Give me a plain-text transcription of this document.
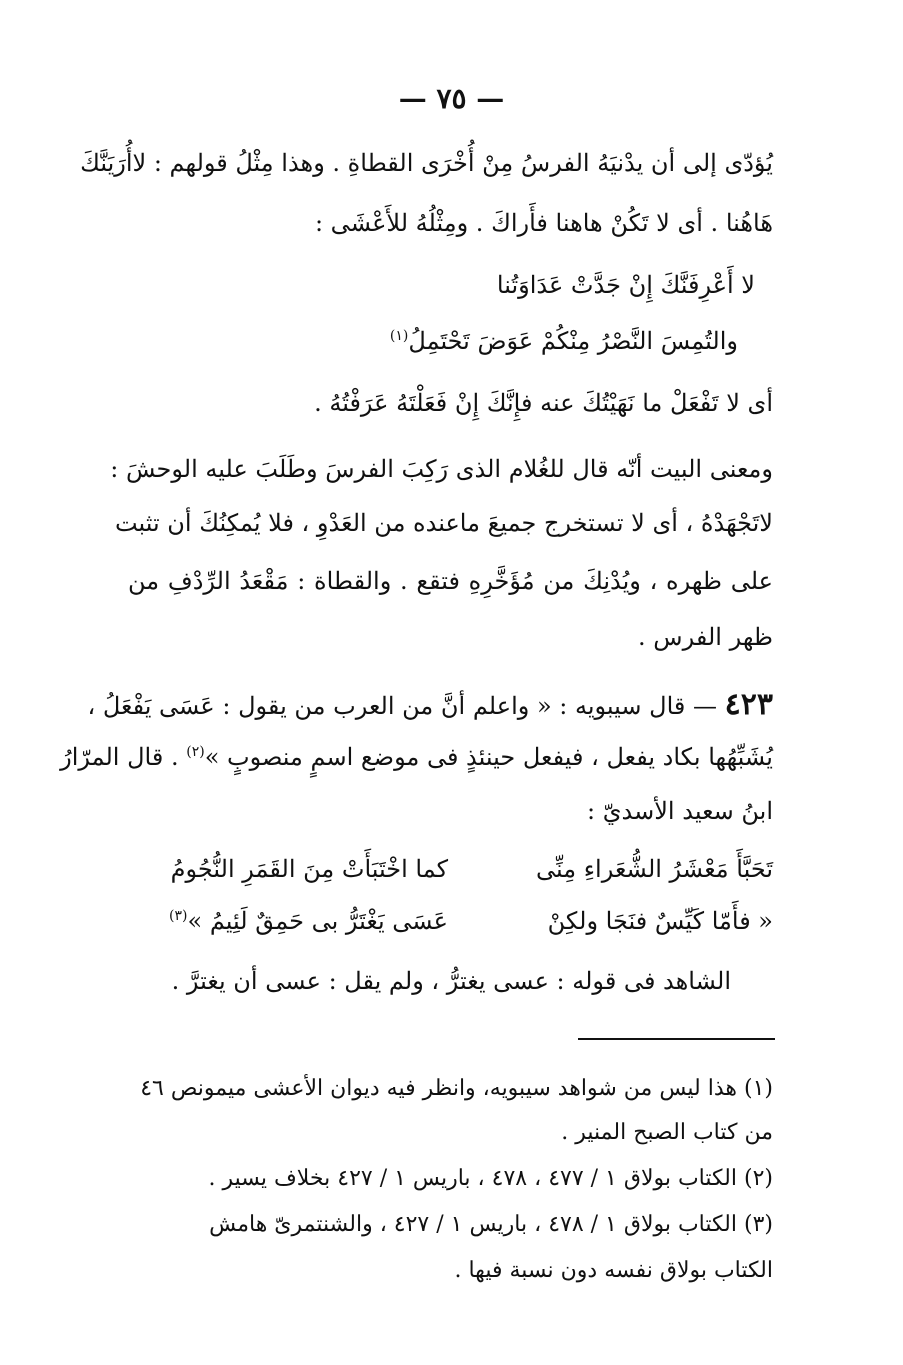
— ٧٥ —
يُؤدّى إلى أن يدْنيَهُ الفرسُ مِنْ أُخْرَى القطاةِ . وهذا مِثْلُ قولهم : لاأُرَيَنَّكَ
هَاهُنا . أى لا تَكُنْ هاهنا فأَراكَ . ومِثْلُهُ للأَعْشَى :
لا أَعْرِفَنَّكَ إِنْ جَدَّتْ عَدَاوَتُنا
والتُمِسَ النَّصْرُ مِنْكُمْ عَوَضَ تَحْتَمِلُ$^{(١)}$
أى لا تَفْعَلْ ما نَهَيْتُكَ عنه فإِنَّكَ إِنْ فَعَلْتَهُ عَرَفْتُهُ .
ومعنى البيت أنّه قال للغُلام الذى رَكِبَ الفرسَ وطَلَبَ عليه الوحشَ :
لاتَجْهَدْهُ ، أى لا تستخرج جميعَ ماعنده من العَدْوِ ، فلا يُمكِنُكَ أن تثبت
على ظهره ، ويُدْنِكَ من مُؤَخَّرِهِ فتقع . والقطاة : مَقْعَدُ الرِّدْفِ من
ظهر الفرس .
٤٢٣ — قال سيبويه : « واعلم أنَّ من العرب من يقول : عَسَى يَفْعَلُ ،
يُشَبِّهُها بكاد يفعل ، فيفعل حينئذٍ فى موضع اسمٍ منصوبٍ »$^{(٢)}$ . قال المرّارُ
ابنُ سعيد الأسديّ :
تَحَبَّأَ مَعْشَرُ الشُّعَراءِ مِنِّى
كما اخْتَبَأَتْ مِنَ القَمَرِ النُّجُومُ
« فأَمّا كَيِّسٌ فنَجَا ولكِنْ
عَسَى يَغْتَرُّ بى حَمِقٌ لَئِيمُ »$^{(٣)}$
الشاهد فى قوله : عسى يغترُّ ، ولم يقل : عسى أن يغترَّ .
(١) هذا ليس من شواهد سيبويه، وانظر فيه ديوان الأعشى ميمونص ٤٦
من كتاب الصبح المنير .
(٢) الكتاب بولاق ١ / ٤٧٧ ، ٤٧٨ ، باريس ١ / ٤٢٧ بخلاف يسير .
(٣) الكتاب بولاق ١ / ٤٧٨ ، باريس ١ / ٤٢٧ ، والشنتمرىّ هامش
الكتاب بولاق نفسه دون نسبة فيها .
